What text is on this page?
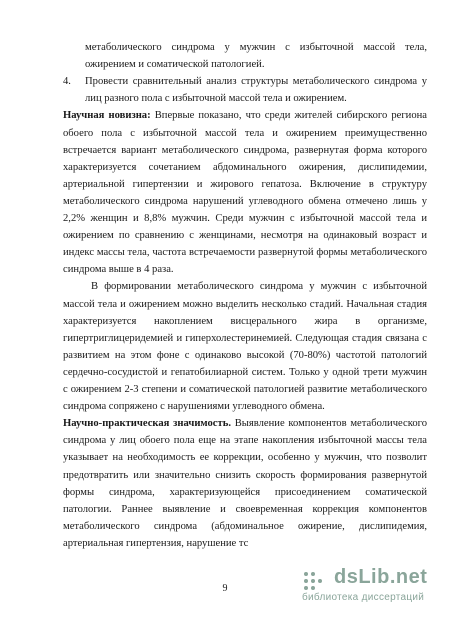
метаболического синдрома у мужчин с избыточной массой тела,
ожирением и соматической патологией.
4. Провести сравнительный анализ структуры метаболического синдрома у
лиц разного пола с избыточной массой тела и ожирением.
Научная новизна: Впервые показано, что среди жителей сибирского региона
обоего пола с избыточной массой тела и ожирением преимущественно
встречается вариант метаболического синдрома, развернутая форма которого
характеризуется сочетанием абдоминального ожирения, дислипидемии,
артериальной гипертензии и жирового гепатоза. Включение в структуру
метаболического синдрома нарушений углеводного обмена отмечено лишь у
2,2% женщин и 8,8% мужчин. Среди мужчин с избыточной массой тела и
ожирением по сравнению с женщинами, несмотря на одинаковый возраст и
индекс массы тела, частота встречаемости развернутой формы метаболического
синдрома выше в 4 раза.
В формировании метаболического синдрома у мужчин с избыточной
массой тела и ожирением можно выделить несколько стадий. Начальная стадия
характеризуется накоплением висцерального жира в организме,
гипертриглицеридемией и гиперхолестеринемией. Следующая стадия связана с
развитием на этом фоне с одинаково высокой (70-80%) частотой патологий
сердечно-сосудистой и гепатобилиарной систем. Только у одной трети мужчин
с ожирением 2-3 степени и соматической патологией развитие метаболического
синдрома сопряжено с нарушениями углеводного обмена.
Научно-практическая значимость. Выявление компонентов метаболического
синдрома у лиц обоего пола еще на этапе накопления избыточной массы тела
указывает на необходимость ее коррекции, особенно у мужчин, что позволит
предотвратить или значительно снизить скорость формирования развернутой
формы синдрома, характеризующейся присоединением соматической
патологии. Раннее выявление и своевременная коррекция компонентов
метаболического синдрома (абдоминальное ожирение, дислипидемия,
артериальная гипертензия, нарушение тс
9
dsLib.net
библиотека диссертаций
